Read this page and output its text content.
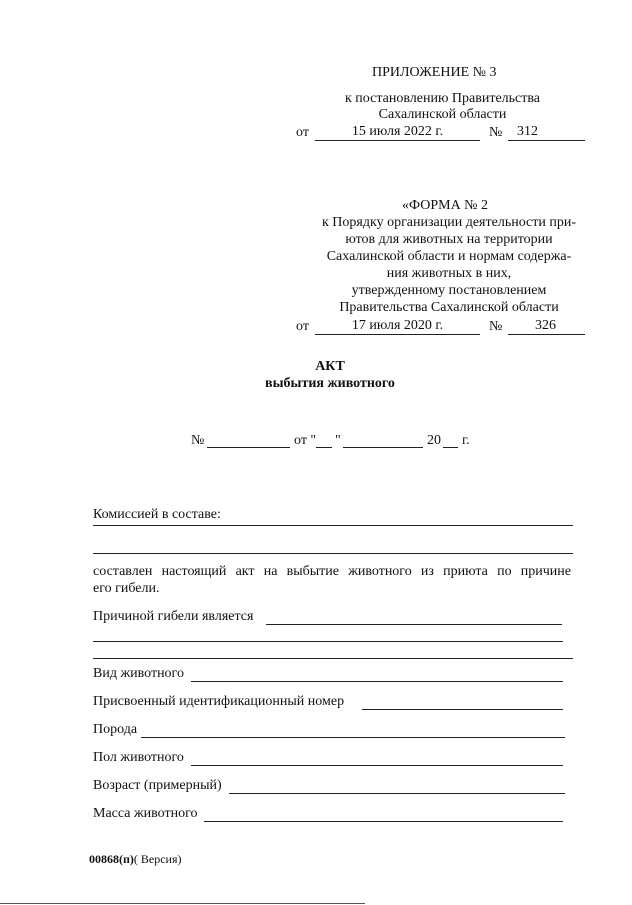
ПРИЛОЖЕНИЕ № 3
к постановлению Правительства
Сахалинской области
от	15 июля 2022 г.	№ 312
«ФОРМА № 2
к Порядку организации деятельности при-
ютов для животных на территории
Сахалинской области и нормам содержа-
ния животных в них,
утвержденному постановлением
Правительства Сахалинской области
от	17 июля 2020 г.	№ 326
АКТ
выбытия животного
№	от " "	20 г.
Комиссией в составе:
составлен настоящий акт на выбытие животного из приюта по причине
его гибели.
Причиной гибели является
Вид животного
Присвоенный идентификационный номер
Порода
Пол животного
Возраст (примерный)
Масса животного
00868(п)( Версия)
